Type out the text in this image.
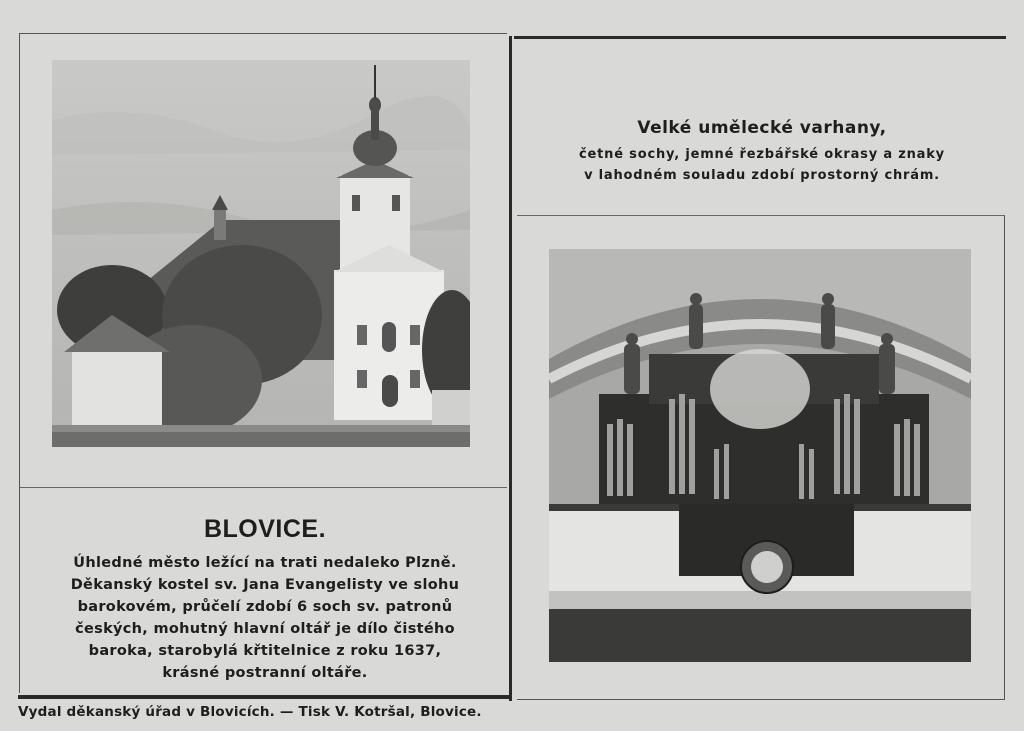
Velké umělecké varhany,

četné sochy, jemné řezbářské okrasy a znaky

v lahodném souladu zdobí prostorný chrám.

BLOVICE.

Úhledné město ležící na trati nedaleko Plzně.

Děkanský kostel sv. Jana Evangelisty ve slohu

barokovém, průčelí zdobí 6 soch sv. patronů

českých, mohutný hlavní oltář je dílo čistého

baroka, starobylá křtitelnice z roku 1637,

krásné postranní oltáře.

Vydal děkanský úřad v Blovicích. — Tisk V. Kotršal, Blovice.
